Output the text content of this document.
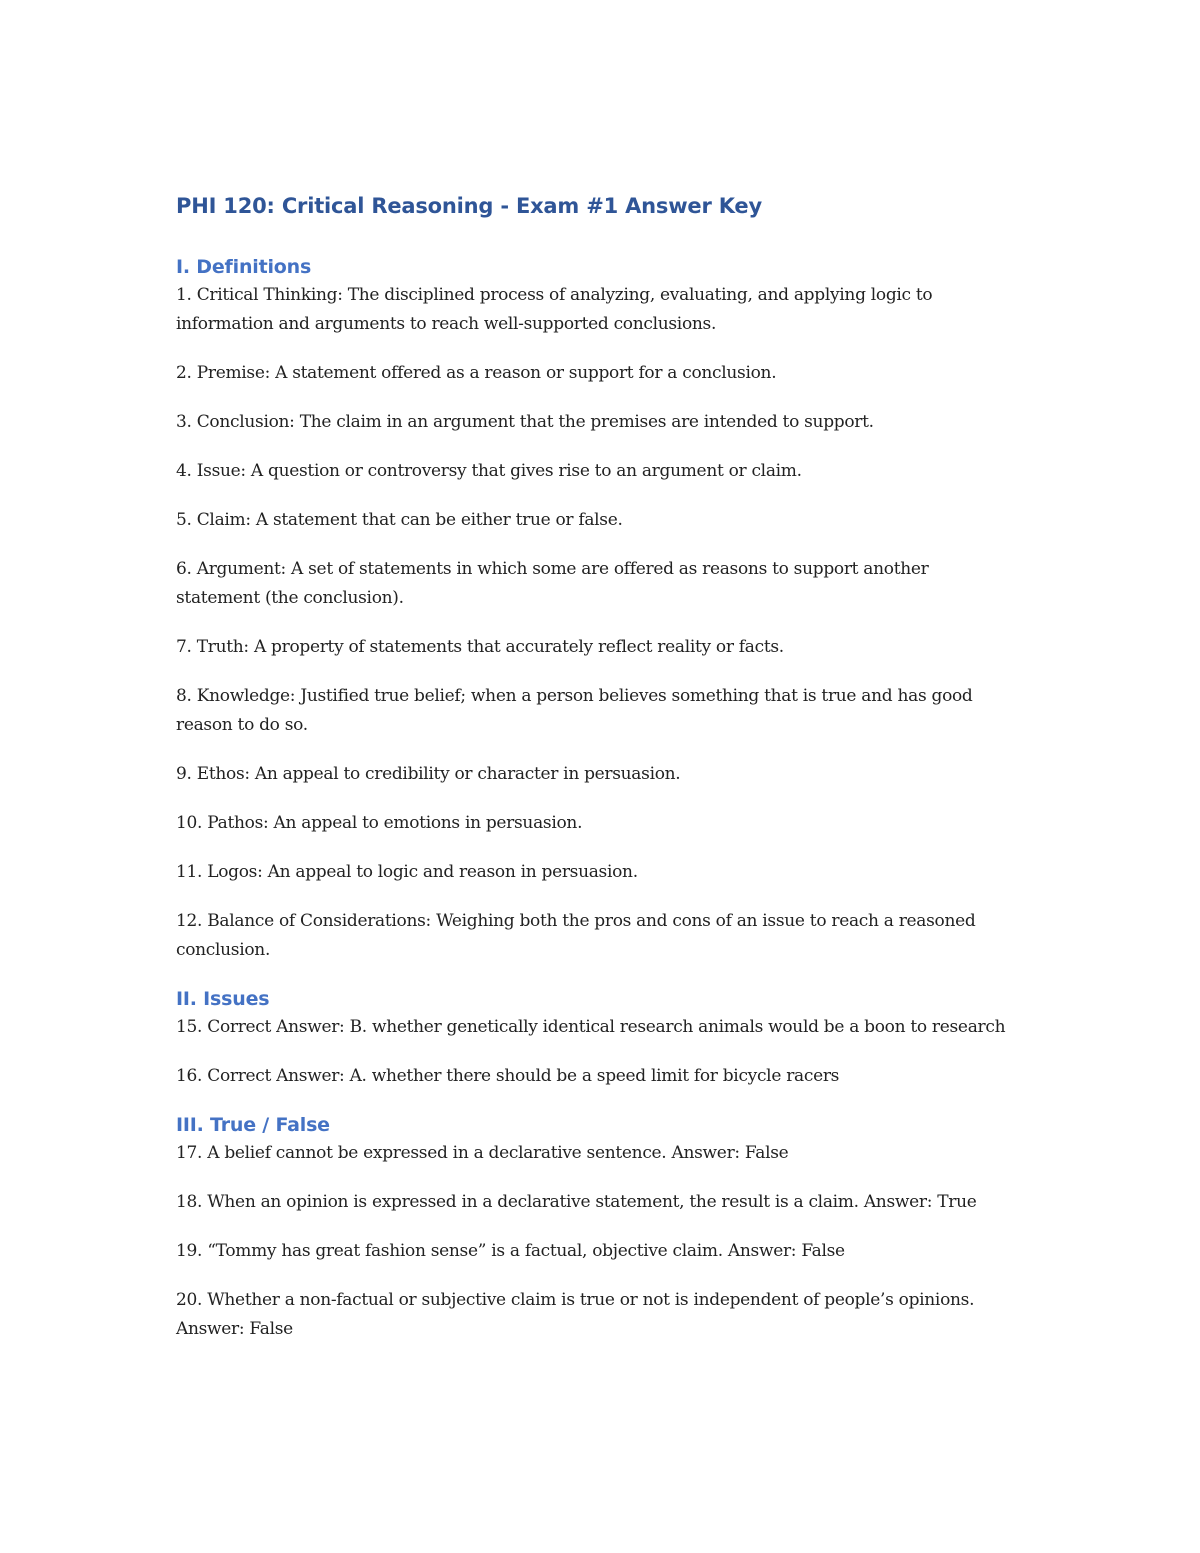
PHI 120: Critical Reasoning - Exam #1 Answer Key
I. Definitions

1. Critical Thinking: The disciplined process of analyzing, evaluating, and applying logic to information and arguments to reach well-supported conclusions.

2. Premise: A statement offered as a reason or support for a conclusion.

3. Conclusion: The claim in an argument that the premises are intended to support.

4. Issue: A question or controversy that gives rise to an argument or claim.

5. Claim: A statement that can be either true or false.

6. Argument: A set of statements in which some are offered as reasons to support another statement (the conclusion).

7. Truth: A property of statements that accurately reflect reality or facts.

8. Knowledge: Justified true belief; when a person believes something that is true and has good reason to do so.

9. Ethos: An appeal to credibility or character in persuasion.

10. Pathos: An appeal to emotions in persuasion.

11. Logos: An appeal to logic and reason in persuasion.

12. Balance of Considerations: Weighing both the pros and cons of an issue to reach a reasoned conclusion.

II. Issues

15. Correct Answer: B. whether genetically identical research animals would be a boon to research

16. Correct Answer: A. whether there should be a speed limit for bicycle racers

III. True / False

17. A belief cannot be expressed in a declarative sentence. Answer: False

18. When an opinion is expressed in a declarative statement, the result is a claim. Answer: True

19. “Tommy has great fashion sense” is a factual, objective claim. Answer: False

20. Whether a non-factual or subjective claim is true or not is independent of people’s opinions. Answer: False
